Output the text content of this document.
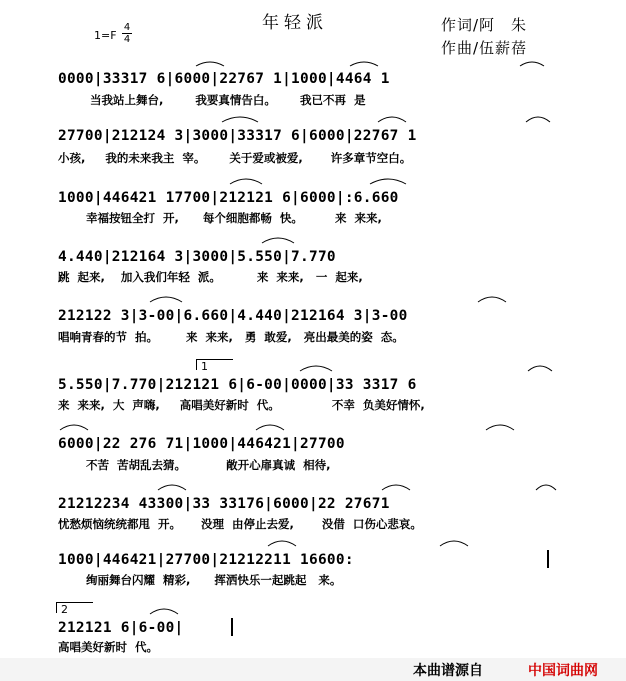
年轻派
1=F
4
4
作词/阿　朱
作曲/伍薪蓓
0000|33317 6|6000|22767 1|1000|4464 1
当我站上舞台,        我要真情告白。      我已不再  是
27700|212124 3|3000|33317 6|6000|22767 1
小孩,     我的未来我主  宰。      关于爱或被爱,       许多章节空白。
1000|446421 17700|212121 6|6000|:6.660
幸福按钮全打  开,      每个细胞都畅  快。        来  来来,
4.440|212164 3|3000|5.550|7.770
跳  起来,    加入我们年轻  派。         来  来来,   一  起来,
212122 3|3-00|6.660|4.440|212164 3|3-00
唱响青春的节  拍。       来  来来,   勇  敢爱,   亮出最美的姿  态。
1
5.550|7.770|212121 6|6-00|0000|33 3317 6
来  来来,  大  声嗨,     高唱美好新时  代。             不幸  负美好情怀,
6000|22 276 71|1000|446421|27700
不苦  苦胡乱去猜。          敞开心扉真诚  相待,
21212234 43300|33 33176|6000|22 27671
忧愁烦恼统统都甩  开。     没理  由停止去爱,       没借  口伤心悲哀。
1000|446421|27700|21212211 16600:
绚丽舞台闪耀  精彩,      挥洒快乐一起跳起   来。
2
212121 6|6-00|
高唱美好新时  代。
本曲谱源自	中国词曲网
